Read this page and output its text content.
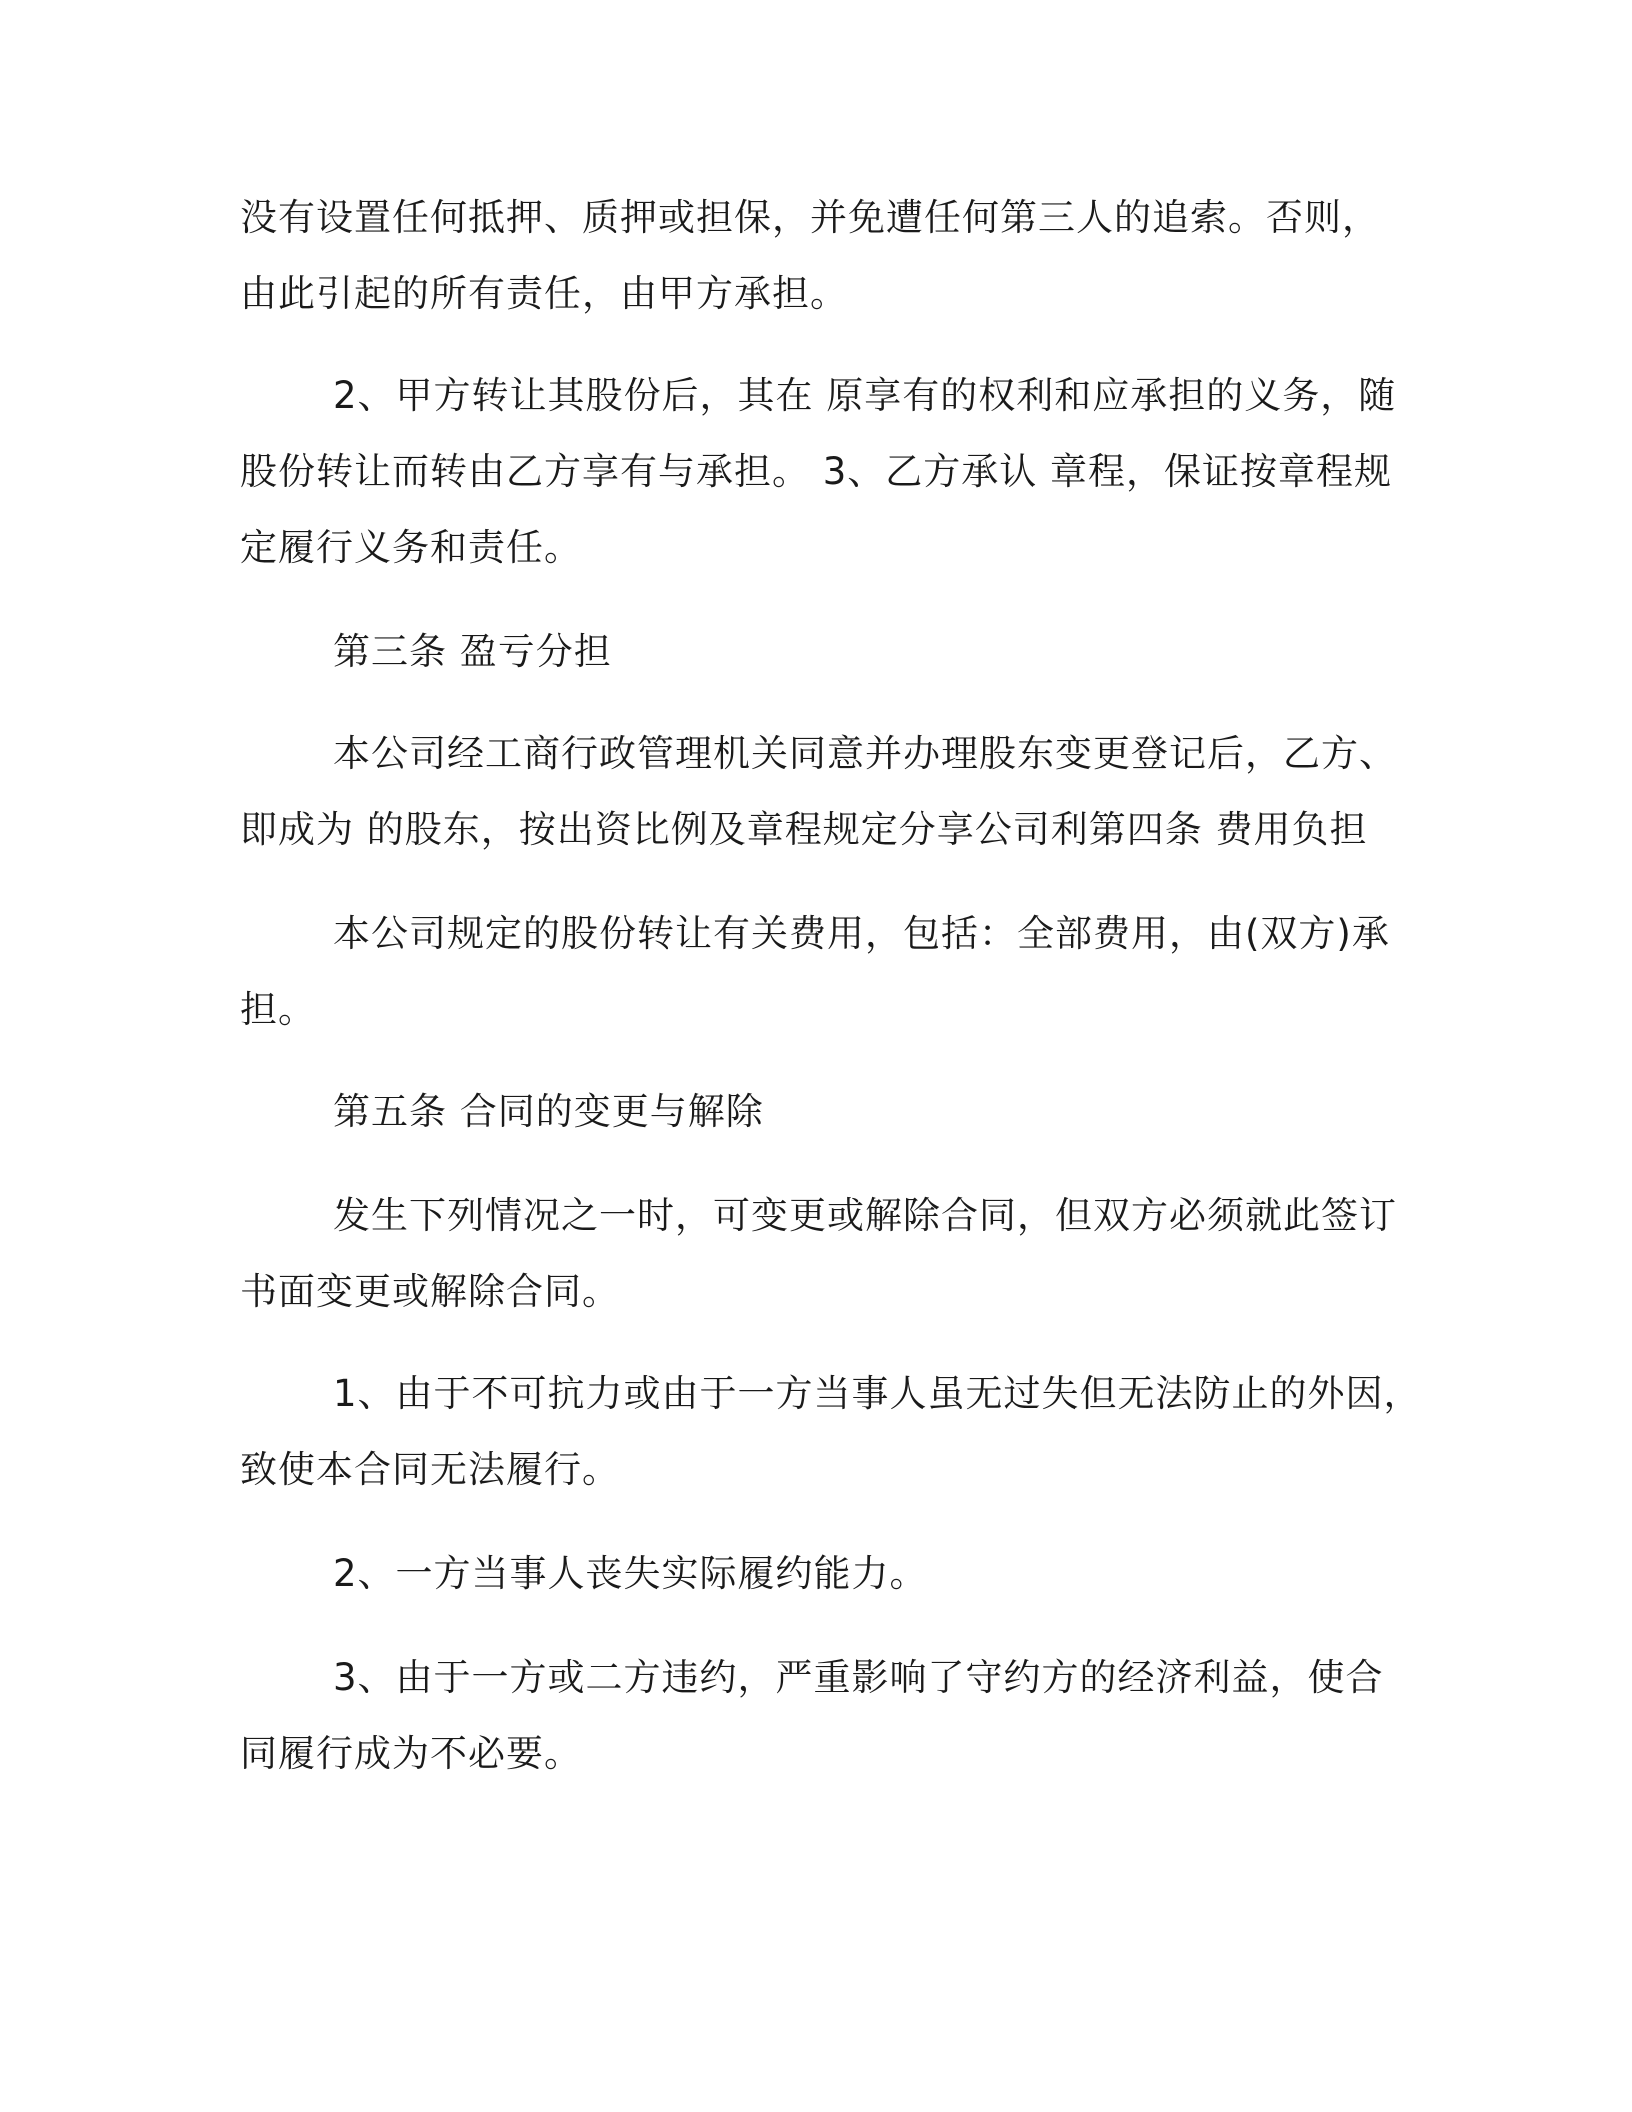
没有设置任何抵押、质押或担保，并免遭任何第三人的追索。否则，
由此引起的所有责任，由甲方承担。
2、甲方转让其股份后，其在 原享有的权利和应承担的义务，随
股份转让而转由乙方享有与承担。 3、乙方承认 章程，保证按章程规
定履行义务和责任。
第三条 盈亏分担
本公司经工商行政管理机关同意并办理股东变更登记后，乙方、
即成为 的股东，按出资比例及章程规定分享公司利第四条 费用负担
本公司规定的股份转让有关费用，包括：全部费用，由(双方)承
担。
第五条 合同的变更与解除
发生下列情况之一时，可变更或解除合同，但双方必须就此签订
书面变更或解除合同。
1、由于不可抗力或由于一方当事人虽无过失但无法防止的外因，
致使本合同无法履行。
2、一方当事人丧失实际履约能力。
3、由于一方或二方违约，严重影响了守约方的经济利益，使合
同履行成为不必要。
